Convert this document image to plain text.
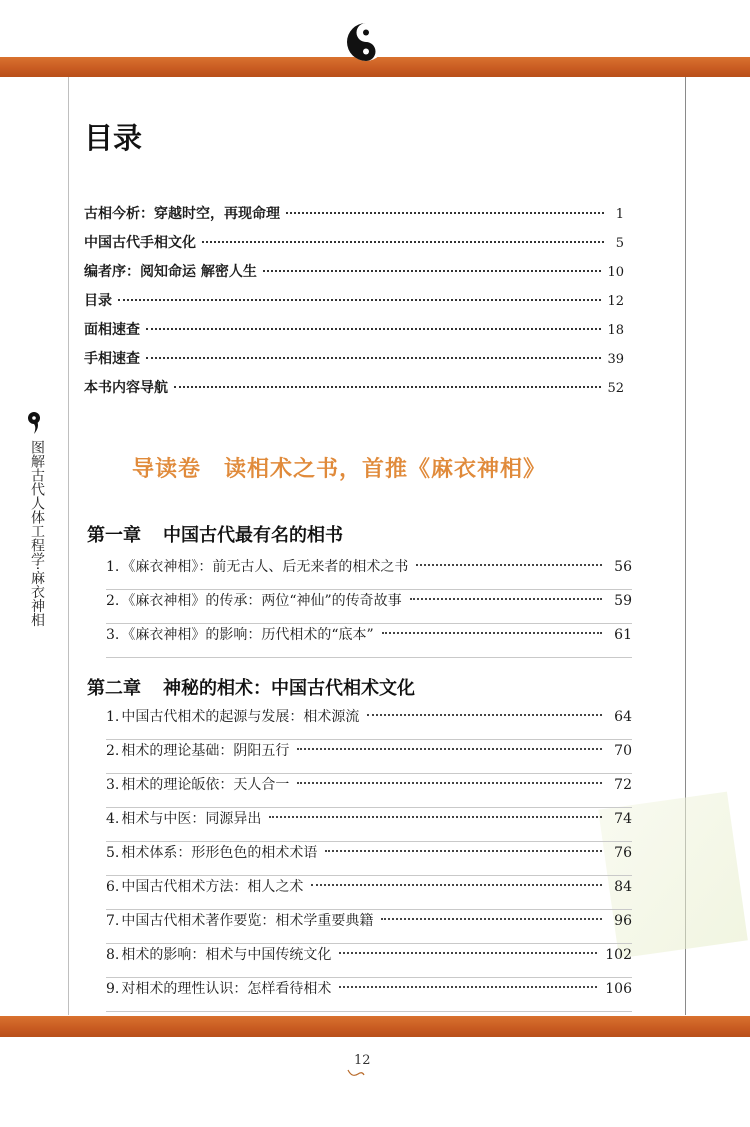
图解古代人体工程学·麻衣神相
目录
古相今析：穿越时空，再现命理	1
中国古代手相文化	5
编者序：阅知命运 解密人生	10
目录	12
面相速查	18
手相速查	39
本书内容导航	52
导读卷　读相术之书，首推《麻衣神相》
第一章 中国古代最有名的相书
1. 《麻衣神相》：前无古人、后无来者的相术之书	56
2. 《麻衣神相》的传承：两位“神仙”的传奇故事	59
3. 《麻衣神相》的影响：历代相术的“底本”	61
第二章 神秘的相术：中国古代相术文化
1. 中国古代相术的起源与发展：相术源流	64
2. 相术的理论基础：阴阳五行	70
3. 相术的理论皈依：天人合一	72
4. 相术与中医：同源异出	74
5. 相术体系：形形色色的相术术语	76
6. 中国古代相术方法：相人之术	84
7. 中国古代相术著作要览：相术学重要典籍	96
8. 相术的影响：相术与中国传统文化	102
9. 对相术的理性认识：怎样看待相术	106
12
